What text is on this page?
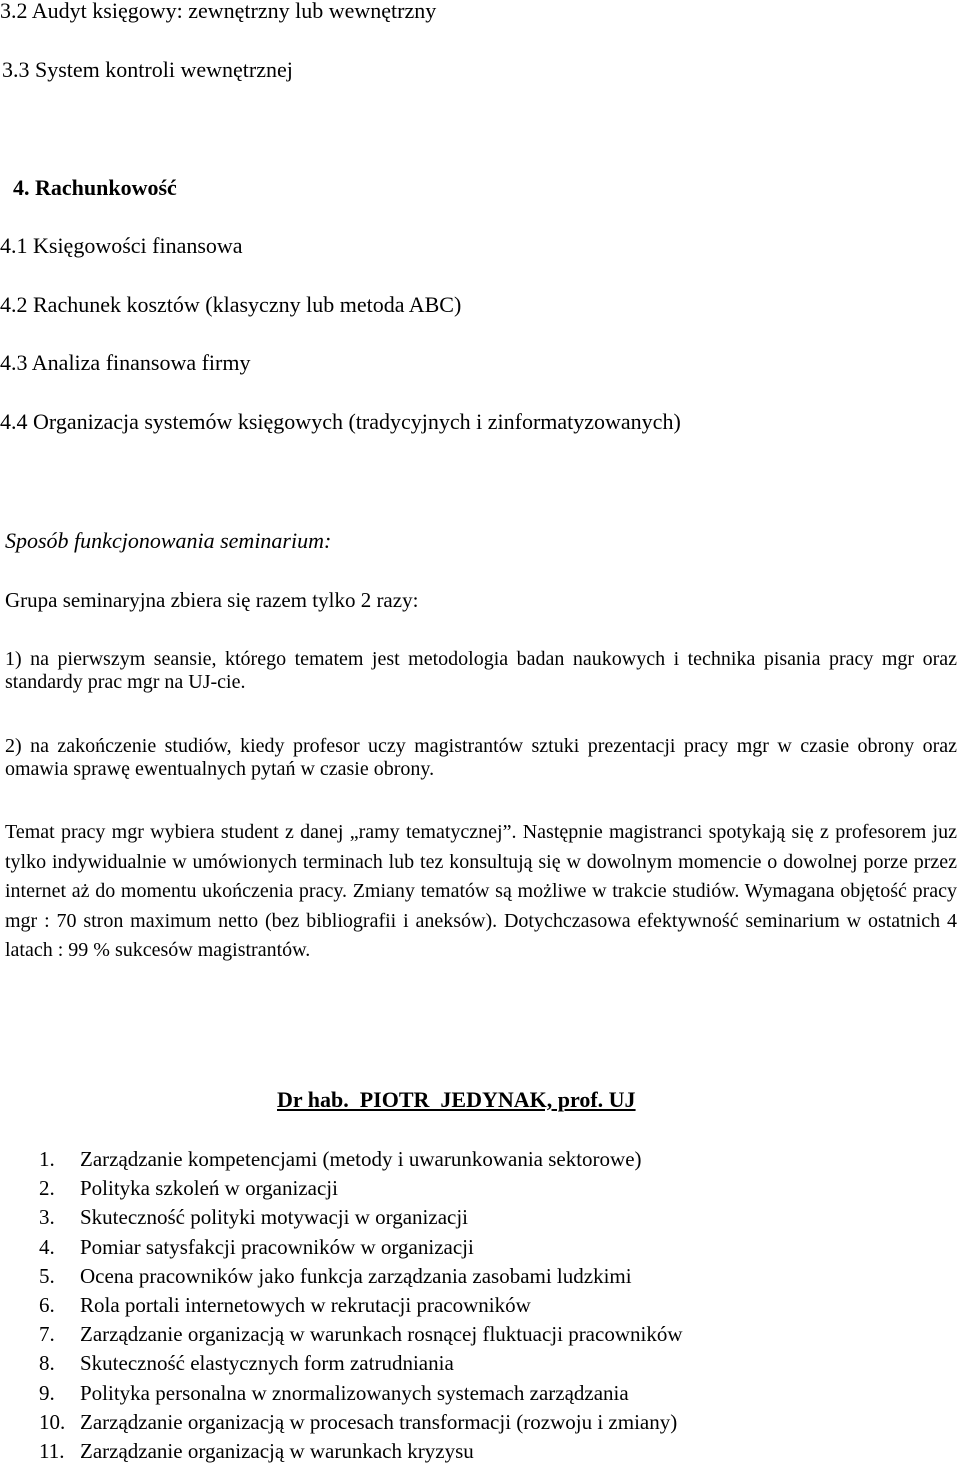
3.2 Audyt księgowy: zewnętrzny lub wewnętrzny

3.3 System kontroli wewnętrznej

4. Rachunkowość

4.1 Księgowości finansowa

4.2 Rachunek kosztów (klasyczny lub metoda ABC)

4.3 Analiza finansowa firmy

4.4 Organizacja systemów księgowych (tradycyjnych i zinformatyzowanych)

Sposób funkcjonowania seminarium:

Grupa seminaryjna zbiera się razem tylko 2 razy:

1) na pierwszym seansie, którego tematem jest metodologia badan naukowych i technika pisania pracy mgr oraz standardy prac mgr na UJ-cie.

2) na zakończenie studiów, kiedy profesor uczy magistrantów sztuki prezentacji pracy mgr w czasie obrony oraz omawia sprawę ewentualnych pytań w czasie obrony.

Temat pracy mgr wybiera student z danej „ramy tematycznej”. Następnie magistranci spotykają się z profesorem juz tylko indywidualnie w umówionych terminach lub tez konsultują się w dowolnym momencie o dowolnej porze przez internet aż do momentu ukończenia pracy. Zmiany tematów są możliwe w trakcie studiów. Wymagana objętość pracy mgr : 70 stron maximum netto (bez bibliografii i aneksów). Dotychczasowa efektywność seminarium w ostatnich 4 latach : 99 % sukcesów magistrantów.

Dr hab.  PIOTR  JEDYNAK, prof. UJ

1. Zarządzanie kompetencjami (metody i uwarunkowania sektorowe)
2. Polityka szkoleń w organizacji
3. Skuteczność polityki motywacji w organizacji
4. Pomiar satysfakcji pracowników w organizacji
5. Ocena pracowników jako funkcja zarządzania zasobami ludzkimi
6. Rola portali internetowych w rekrutacji pracowników
7. Zarządzanie organizacją w warunkach rosnącej fluktuacji pracowników
8. Skuteczność elastycznych form zatrudniania
9. Polityka personalna w znormalizowanych systemach zarządzania
10. Zarządzanie organizacją w procesach transformacji (rozwoju i zmiany)
11. Zarządzanie organizacją w warunkach kryzysu
